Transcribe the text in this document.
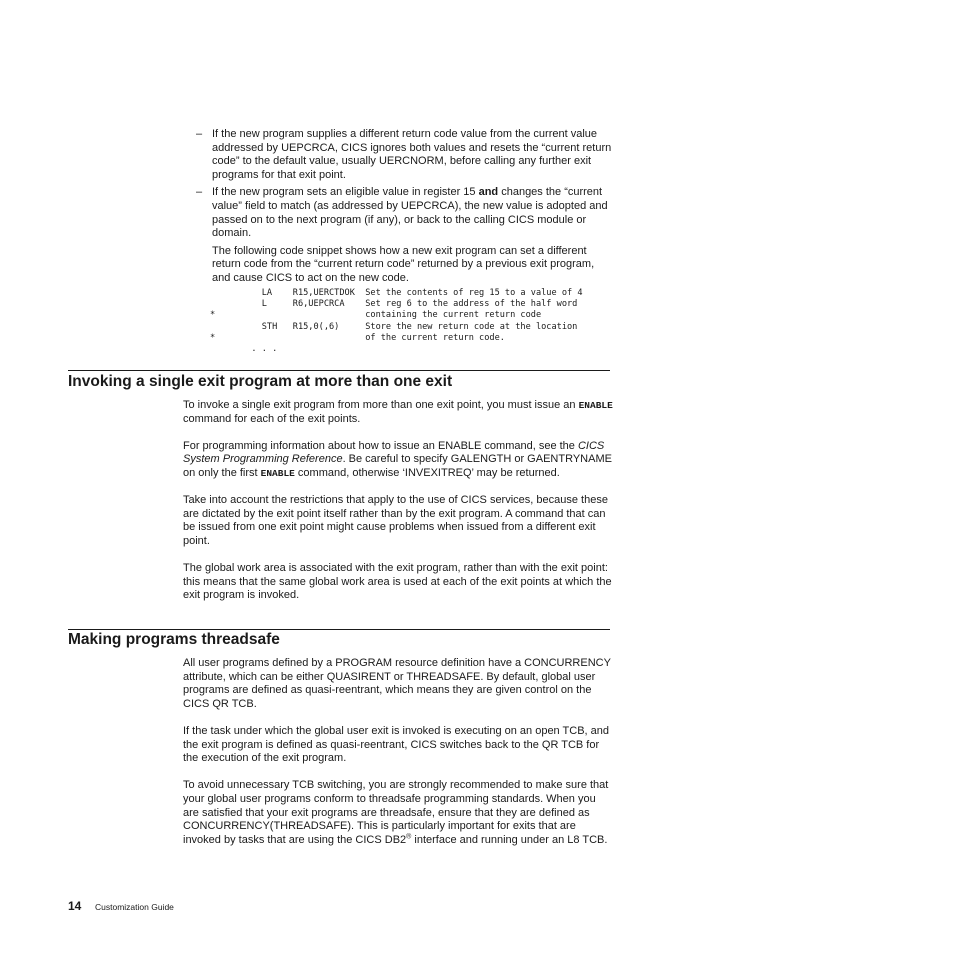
– If the new program supplies a different return code value from the current value addressed by UEPCRCA, CICS ignores both values and resets the “current return code” to the default value, usually UERCNORM, before calling any further exit programs for that exit point.
– If the new program sets an eligible value in register 15 and changes the “current value” field to match (as addressed by UEPCRCA), the new value is adopted and passed on to the next program (if any), or back to the calling CICS module or domain.

The following code snippet shows how a new exit program can set a different return code from the “current return code” returned by a previous exit program, and cause CICS to act on the new code.

LA    R15,UERCTDOK  Set the contents of reg 15 to a value of 4
L     R6,UEPCRCA    Set reg 6 to the address of the half word
*                             containing the current return code
STH   R15,0(,6)     Store the new return code at the location
*                             of the current return code.
. . .
Invoking a single exit program at more than one exit

To invoke a single exit program from more than one exit point, you must issue an ENABLE command for each of the exit points.

For programming information about how to issue an ENABLE command, see the CICS System Programming Reference. Be careful to specify GALENGTH or GAENTRYNAME on only the first ENABLE command, otherwise ‘INVEXITREQ’ may be returned.

Take into account the restrictions that apply to the use of CICS services, because these are dictated by the exit point itself rather than by the exit program. A command that can be issued from one exit point might cause problems when issued from a different exit point.

The global work area is associated with the exit program, rather than with the exit point: this means that the same global work area is used at each of the exit points at which the exit program is invoked.

Making programs threadsafe

All user programs defined by a PROGRAM resource definition have a CONCURRENCY attribute, which can be either QUASIRENT or THREADSAFE. By default, global user programs are defined as quasi-reentrant, which means they are given control on the CICS QR TCB.

If the task under which the global user exit is invoked is executing on an open TCB, and the exit program is defined as quasi-reentrant, CICS switches back to the QR TCB for the execution of the exit program.

To avoid unnecessary TCB switching, you are strongly recommended to make sure that your global user programs conform to threadsafe programming standards. When you are satisfied that your exit programs are threadsafe, ensure that they are defined as CONCURRENCY(THREADSAFE). This is particularly important for exits that are invoked by tasks that are using the CICS DB2® interface and running under an L8 TCB.

14 Customization Guide
